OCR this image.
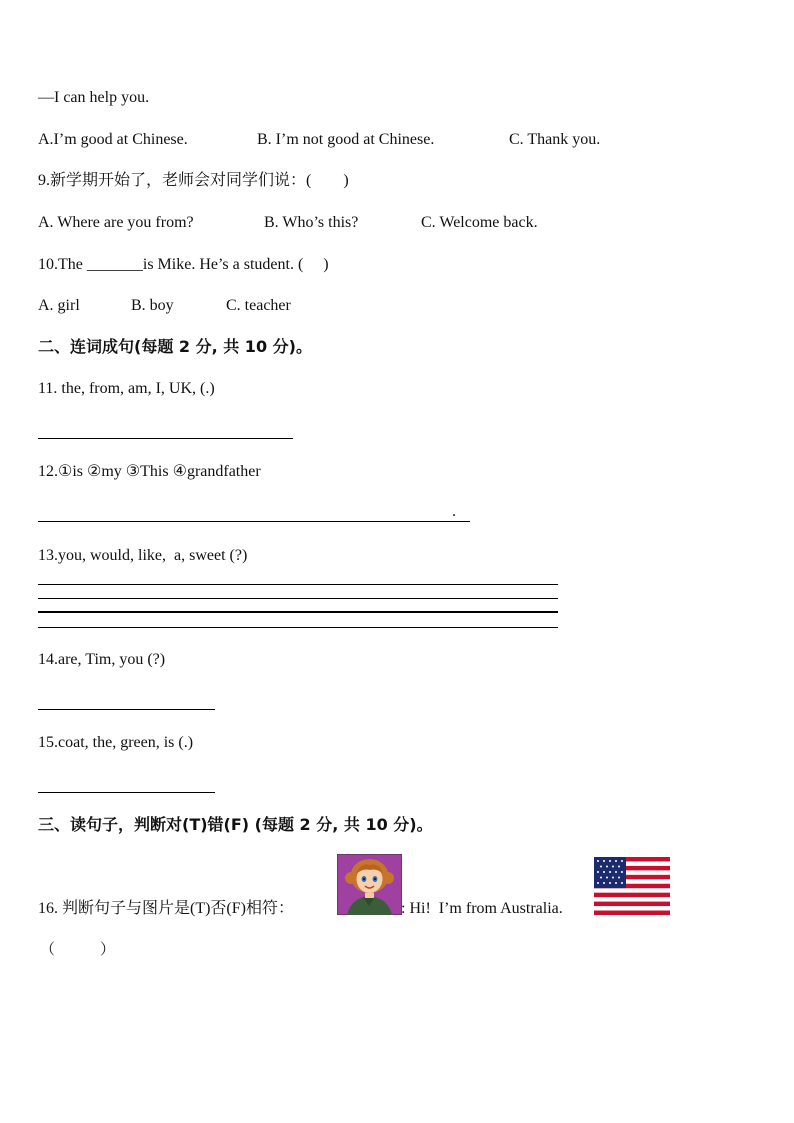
—I can help you.
A.I’m good at Chinese.	B. I’m not good at Chinese.	C. Thank you.
9.新学期开始了，老师会对同学们说：(        )
A. Where are you from?	B. Who’s this?	C. Welcome back.
10.The _______is Mike. He’s a student. (     )
A. girl	B. boy	C. teacher
二、连词成句(每题 2 分, 共 10 分)。
11. the, from, am, I, UK, (.)
12.①is ②my ③This ④grandfather
.
13.you, would, like,  a, sweet (?)
14.are, Tim, you (?)
15.coat, the, green, is (.)
三、读句子，判断对(T)错(F) (每题 2 分, 共 10 分)。
16. 判断句子与图片是(T)否(F)相符：	: Hi!  I’m from Australia.
（            ）
